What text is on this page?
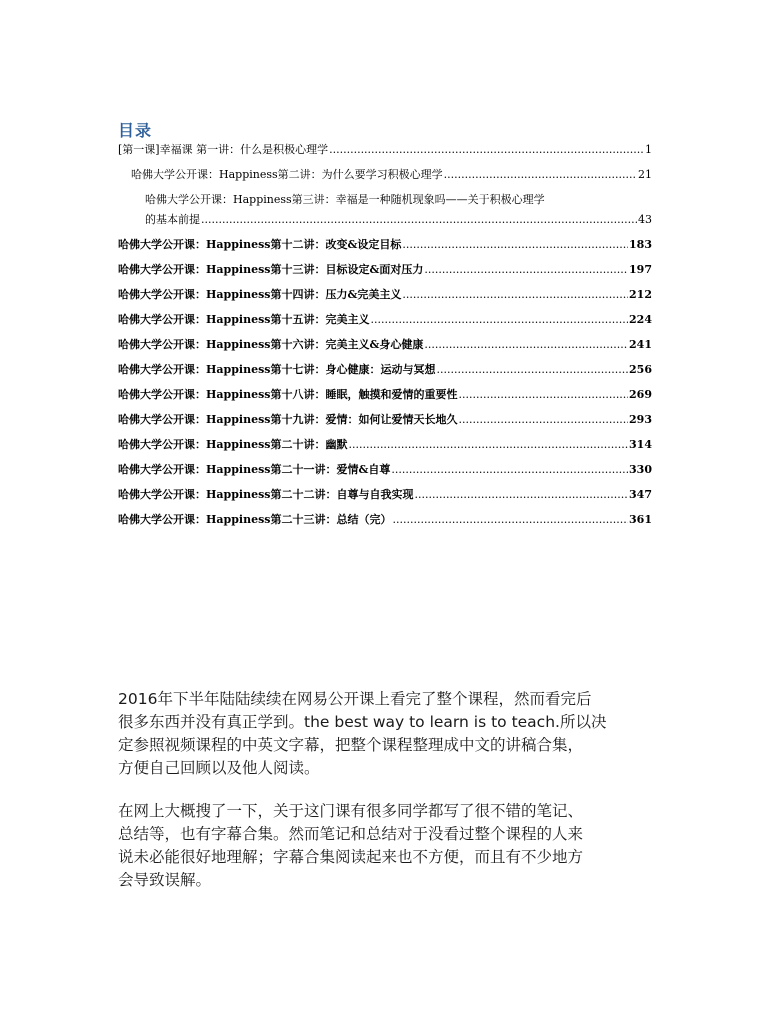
目录
[第一课]幸福课 第一讲：什么是积极心理学 .....	1
哈佛大学公开课：Happiness第二讲：为什么要学习积极心理学 .....	21
哈佛大学公开课：Happiness第三讲：幸福是一种随机现象吗——关于积极心理学
的基本前提 .....	43
哈佛大学公开课：Happiness第十二讲：改变&设定目标 .....	183
哈佛大学公开课：Happiness第十三讲：目标设定&面对压力 .....	197
哈佛大学公开课：Happiness第十四讲：压力&完美主义 .....	212
哈佛大学公开课：Happiness第十五讲：完美主义 .....	224
哈佛大学公开课：Happiness第十六讲：完美主义&身心健康 .....	241
哈佛大学公开课：Happiness第十七讲：身心健康：运动与冥想 .....	256
哈佛大学公开课：Happiness第十八讲：睡眠，触摸和爱情的重要性 .....	269
哈佛大学公开课：Happiness第十九讲：爱情：如何让爱情天长地久 .....	293
哈佛大学公开课：Happiness第二十讲：幽默 .....	314
哈佛大学公开课：Happiness第二十一讲：爱情&自尊 .....	330
哈佛大学公开课：Happiness第二十二讲：自尊与自我实现 .....	347
哈佛大学公开课：Happiness第二十三讲：总结（完） .....	361
2016年下半年陆陆续续在网易公开课上看完了整个课程，然而看完后
很多东西并没有真正学到。the best way to learn is to teach.所以决
定参照视频课程的中英文字幕，把整个课程整理成中文的讲稿合集，
方便自己回顾以及他人阅读。
在网上大概搜了一下，关于这门课有很多同学都写了很不错的笔记、
总结等，也有字幕合集。然而笔记和总结对于没看过整个课程的人来
说未必能很好地理解；字幕合集阅读起来也不方便，而且有不少地方
会导致误解。
